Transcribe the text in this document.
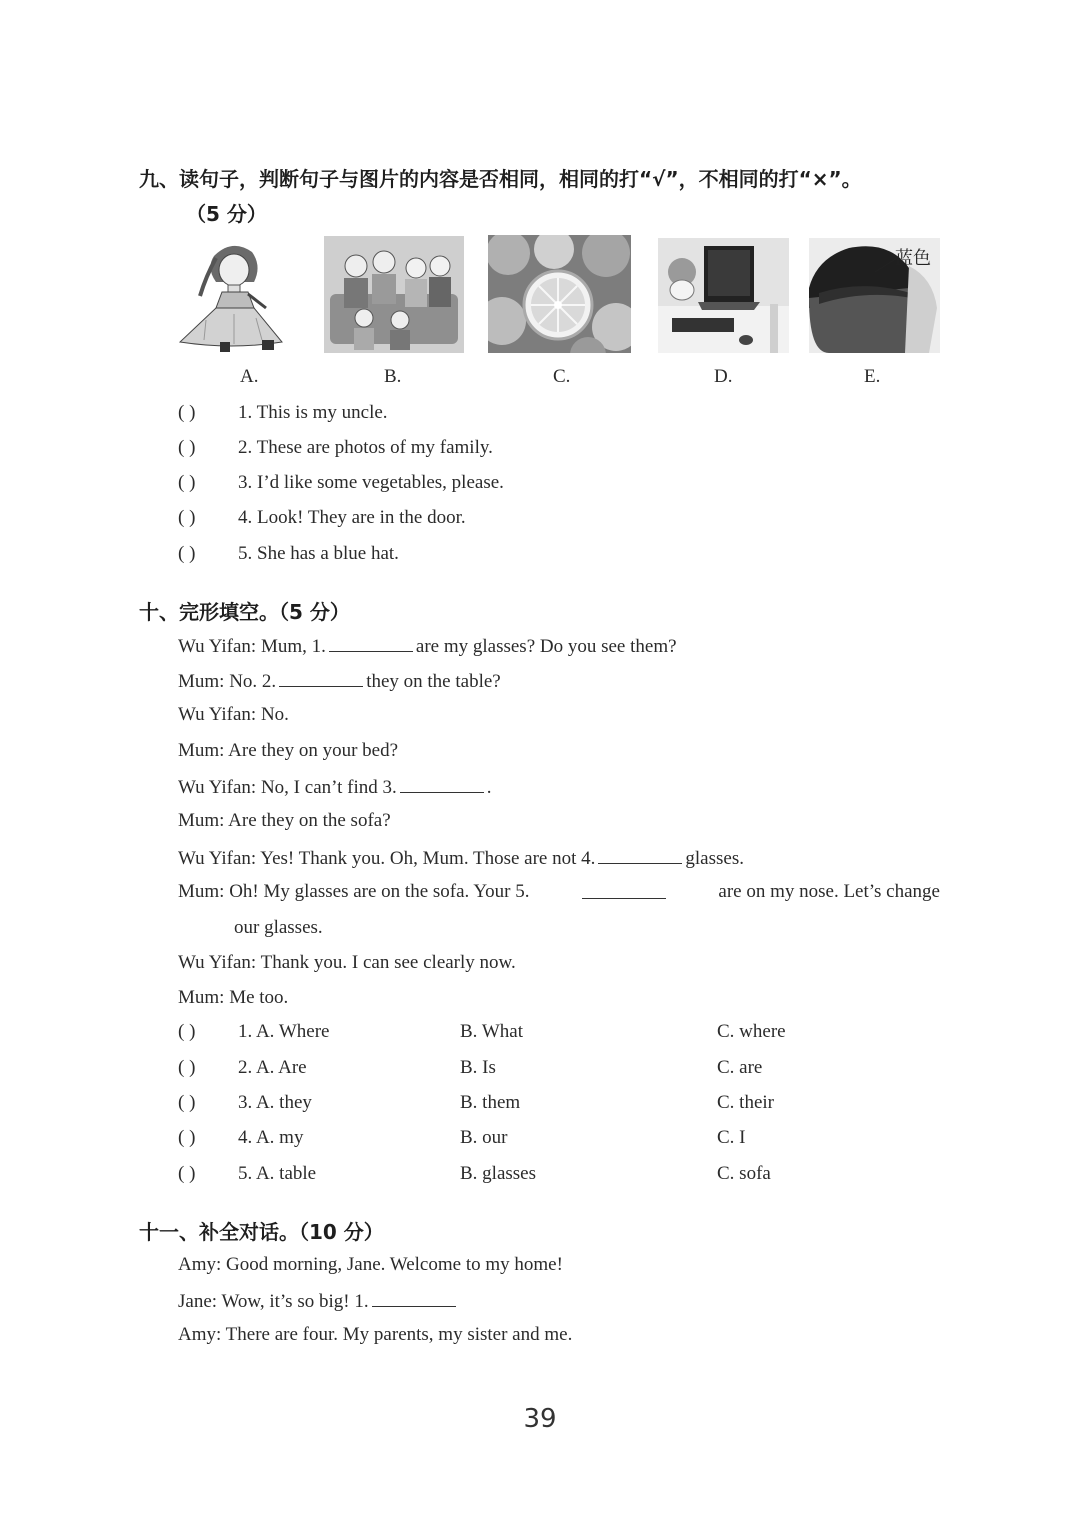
九、读句子，判断句子与图片的内容是否相同，相同的打“√”，不相同的打“×”。
（5 分）
蓝色
A.	B.	C.	D.	E.
( ) 1. This is my uncle.
( ) 2. These are photos of my family.
( ) 3. I’d like some vegetables, please.
( ) 4. Look! They are in the door.
( ) 5. She has a blue hat.
十、完形填空。（5 分）
Wu Yifan: Mum, 1.	are my glasses? Do you see them?
Mum: No. 2.	they on the table?
Wu Yifan: No.
Mum: Are they on your bed?
Wu Yifan: No, I can’t find 3.	.
Mum: Are they on the sofa?
Wu Yifan: Yes! Thank you. Oh, Mum. Those are not 4.	glasses.
Mum: Oh! My glasses are on the sofa. Your 5.	are on my nose. Let’s change
our glasses.
Wu Yifan: Thank you. I can see clearly now.
Mum: Me too.
( ) 1. A. Where	B. What	C. where
( ) 2. A. Are	B. Is	C. are
( ) 3. A. they	B. them	C. their
( ) 4. A. my	B. our	C. I
( ) 5. A. table	B. glasses	C. sofa
十一、补全对话。（10 分）
Amy: Good morning, Jane. Welcome to my home!
Jane: Wow, it’s so big! 1.
Amy: There are four. My parents, my sister and me.
39
